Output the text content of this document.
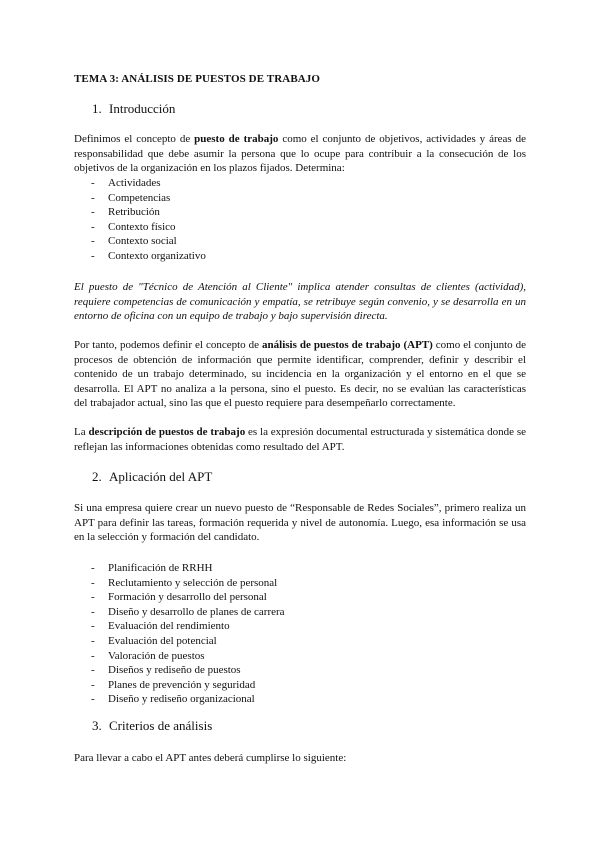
TEMA 3: ANÁLISIS DE PUESTOS DE TRABAJO
1. Introducción
Definimos el concepto de puesto de trabajo como el conjunto de objetivos, actividades y áreas de responsabilidad que debe asumir la persona que lo ocupe para contribuir a la consecución de los objetivos de la organización en los plazos fijados. Determina:
- Actividades
- Competencias
- Retribución
- Contexto físico
- Contexto social
- Contexto organizativo
El puesto de "Técnico de Atención al Cliente" implica atender consultas de clientes (actividad), requiere competencias de comunicación y empatía, se retribuye según convenio, y se desarrolla en un entorno de oficina con un equipo de trabajo y bajo supervisión directa.
Por tanto, podemos definir el concepto de análisis de puestos de trabajo (APT) como el conjunto de procesos de obtención de información que permite identificar, comprender, definir y describir el contenido de un trabajo determinado, su incidencia en la organización y el entorno en el que se desarrolla. El APT no analiza a la persona, sino el puesto. Es decir, no se evalúan las características del trabajador actual, sino las que el puesto requiere para desempeñarlo correctamente.
La descripción de puestos de trabajo es la expresión documental estructurada y sistemática donde se reflejan las informaciones obtenidas como resultado del APT.
2. Aplicación del APT
Si una empresa quiere crear un nuevo puesto de “Responsable de Redes Sociales”, primero realiza un APT para definir las tareas, formación requerida y nivel de autonomía. Luego, esa información se usa en la selección y formación del candidato.
- Planificación de RRHH
- Reclutamiento y selección de personal
- Formación y desarrollo del personal
- Diseño y desarrollo de planes de carrera
- Evaluación del rendimiento
- Evaluación del potencial
- Valoración de puestos
- Diseños y rediseño de puestos
- Planes de prevención y seguridad
- Diseño y rediseño organizacional
3. Criterios de análisis
Para llevar a cabo el APT antes deberá cumplirse lo siguiente:
